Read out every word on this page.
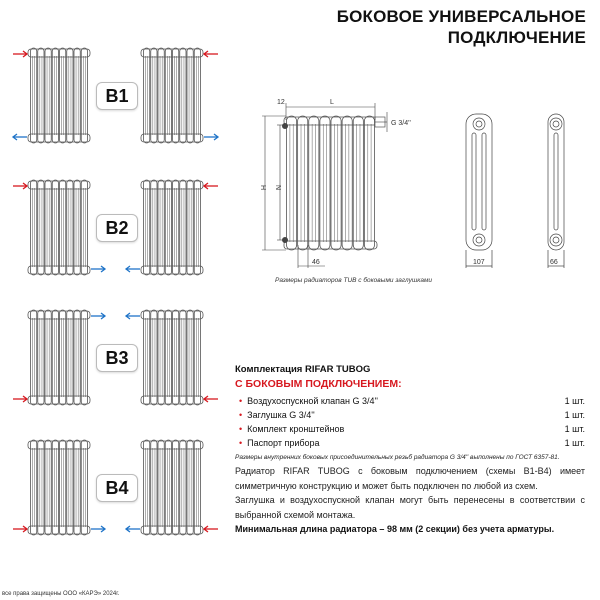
БОКОВОЕ УНИВЕРСАЛЬНОЕ
ПОДКЛЮЧЕНИЕ
B1
B2
B3
B4
12	L
G 3/4''
H N
46	107	66
Размеры радиаторов TUB с боковыми заглушками
Комплектация RIFAR TUBOG
С БОКОВЫМ ПОДКЛЮЧЕНИЕМ:
• Воздухоспускной клапан G 3/4''	1 шт.
• Заглушка G 3/4''	1 шт.
• Комплект кронштейнов	1 шт.
• Паспорт прибора	1 шт.
Размеры внутренних боковых присоединительных резьб радиатора G 3/4'' выполнены по ГОСТ 6357-81.
Радиатор RIFAR TUBOG с боковым подключением (схемы B1-B4) имеет симметричную конструкцию и может быть подключен по любой из схем.
Заглушка и воздухоспускной клапан могут быть перенесены в соответствии с выбранной схемой монтажа.
Минимальная длина радиатора – 98 мм (2 секции) без учета арматуры.
все права защищены ООО «КАРЭ» 2024г.
